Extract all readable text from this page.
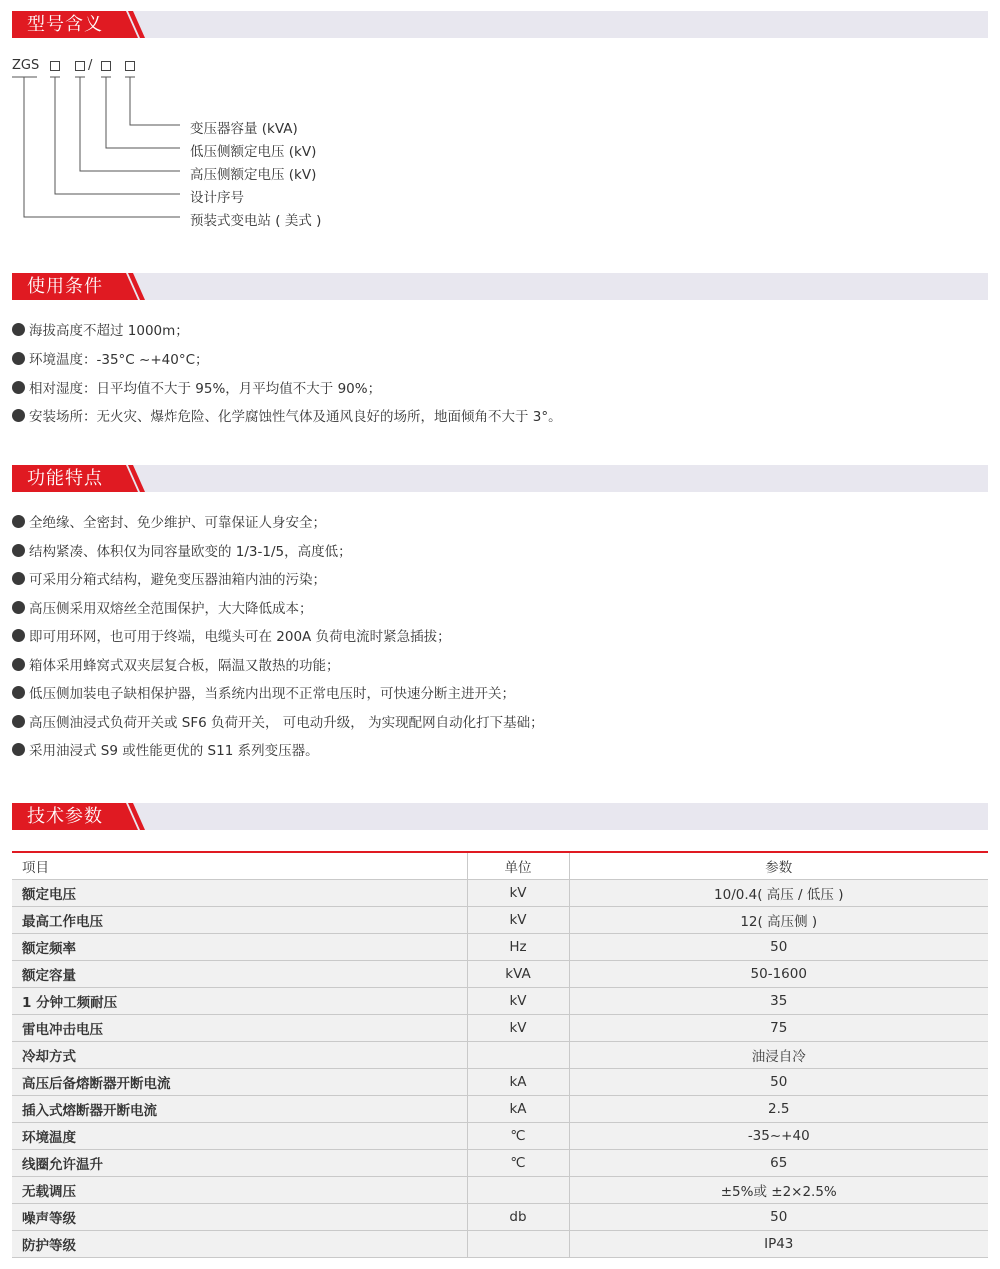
型号含义
ZGS	/
变压器容量 (kVA)
低压侧额定电压 (kV)
高压侧额定电压 (kV)
设计序号
预装式变电站 ( 美式 )
使用条件
海拔高度不超过 1000m；
环境温度：-35°C ~+40°C；
相对湿度：日平均值不大于 95%，月平均值不大于 90%；
安装场所：无火灾、爆炸危险、化学腐蚀性气体及通风良好的场所，地面倾角不大于 3°。
功能特点
全绝缘、全密封、免少维护、可靠保证人身安全；
结构紧凑、体积仅为同容量欧变的 1/3-1/5，高度低；
可采用分箱式结构，避免变压器油箱内油的污染；
高压侧采用双熔丝全范围保护，大大降低成本；
即可用环网，也可用于终端，电缆头可在 200A 负荷电流时紧急插拔；
箱体采用蜂窝式双夹层复合板，隔温又散热的功能；
低压侧加装电子缺相保护器，当系统内出现不正常电压时，可快速分断主进开关；
高压侧油浸式负荷开关或 SF6 负荷开关， 可电动升级， 为实现配网自动化打下基础；
采用油浸式 S9 或性能更优的 S11 系列变压器。
技术参数
项目	单位	参数
额定电压	kV	10/0.4( 高压 / 低压 )
最高工作电压	kV	12( 高压侧 )
额定频率	Hz	50
额定容量	kVA	50-1600
1 分钟工频耐压	kV	35
雷电冲击电压	kV	75
冷却方式		油浸自冷
高压后备熔断器开断电流	kA	50
插入式熔断器开断电流	kA	2.5
环境温度	℃	-35~+40
线圈允许温升	℃	65
无载调压		±5%或 ±2×2.5%
噪声等级	db	50
防护等级		IP43
